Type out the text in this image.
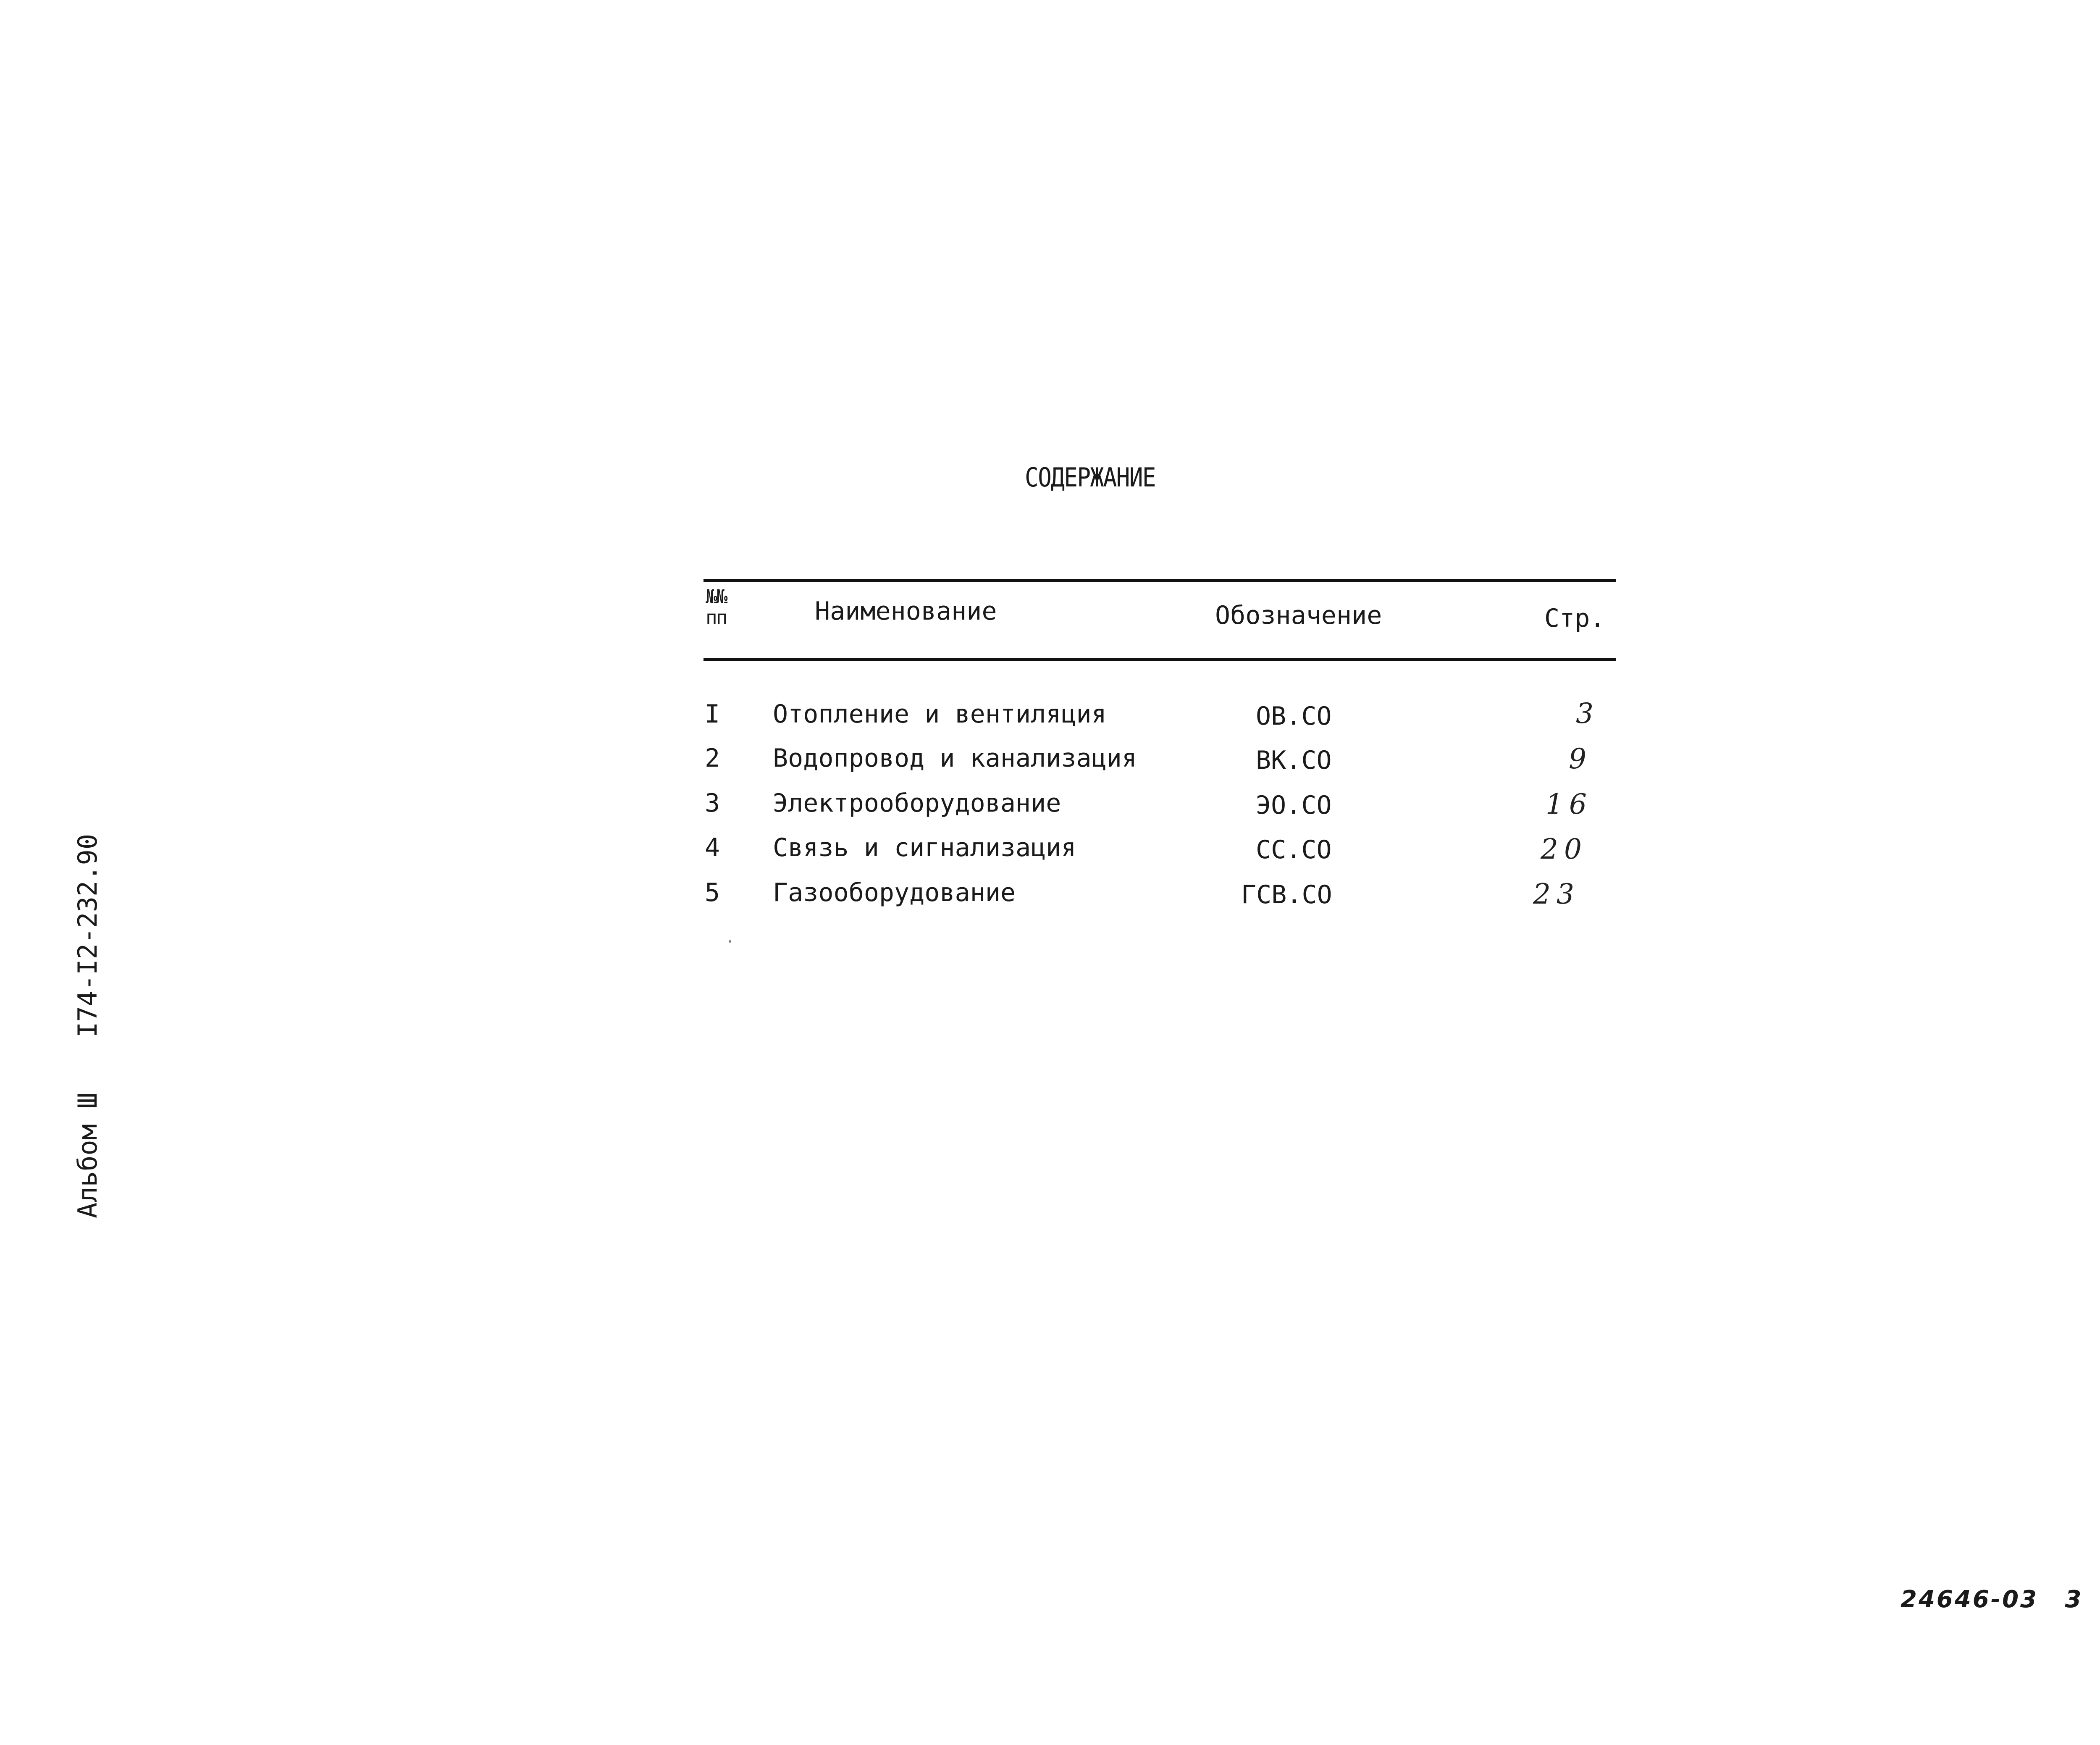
СОДЕРЖАНИЕ
№№
пп	Наименование	Обозначение	Стр.
I Отопление и вентиляция	ОВ.СО	3
2 Водопровод и канализация	ВК.СО	9
3 Электрооборудование	ЭО.СО	16
4 Связь и сигнализация	СС.СО	20
5 Газооборудование	ГСВ.СО	23
I74-I2-232.90
Альбом Ш
24646-03 3
